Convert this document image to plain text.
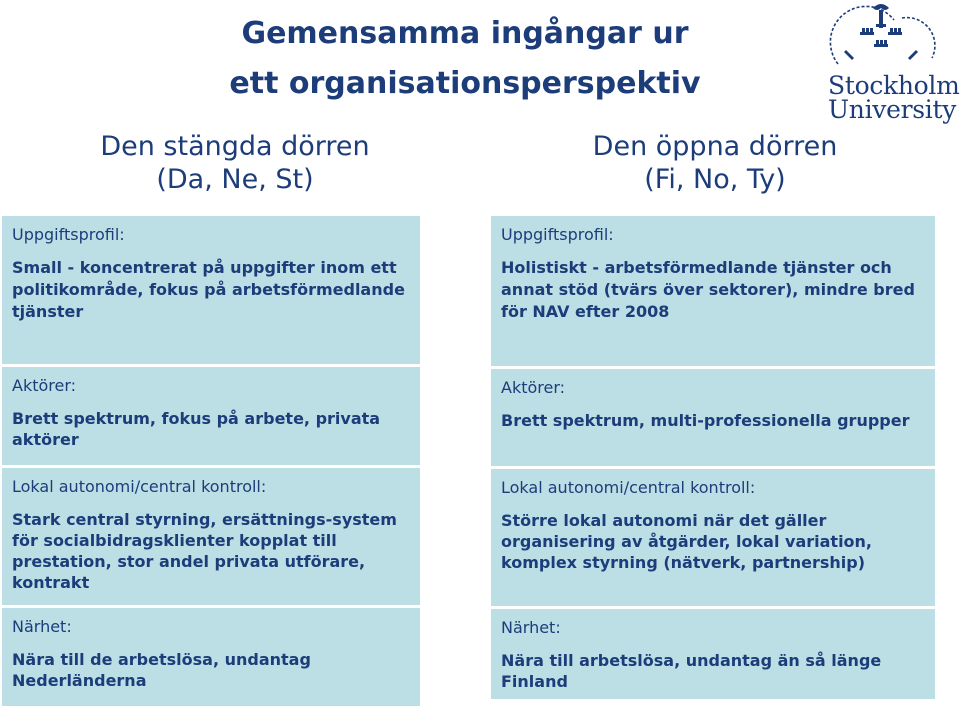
Gemensamma ingångar ur
ett organisationsperspektiv	Stockholm
University
Den stängda dörren
(Da, Ne, St)
Den öppna dörren
(Fi, No, Ty)
Uppgiftsprofil:
Small - koncentrerat på uppgifter inom ett politikområde, fokus på arbetsförmedlande tjänster
Aktörer:
Brett spektrum, fokus på arbete, privata aktörer
Lokal autonomi/central kontroll:
Stark central styrning, ersättnings-system för socialbidragsklienter kopplat till prestation, stor andel privata utförare, kontrakt
Närhet:
Nära till de arbetslösa, undantag Nederländerna
Uppgiftsprofil:
Holistiskt - arbetsförmedlande tjänster och annat stöd (tvärs över sektorer), mindre bred för NAV efter 2008
Aktörer:
Brett spektrum, multi-professionella grupper
Lokal autonomi/central kontroll:
Större lokal autonomi när det gäller organisering av åtgärder, lokal variation, komplex styrning (nätverk, partnership)
Närhet:
Nära till arbetslösa, undantag än så länge Finland
